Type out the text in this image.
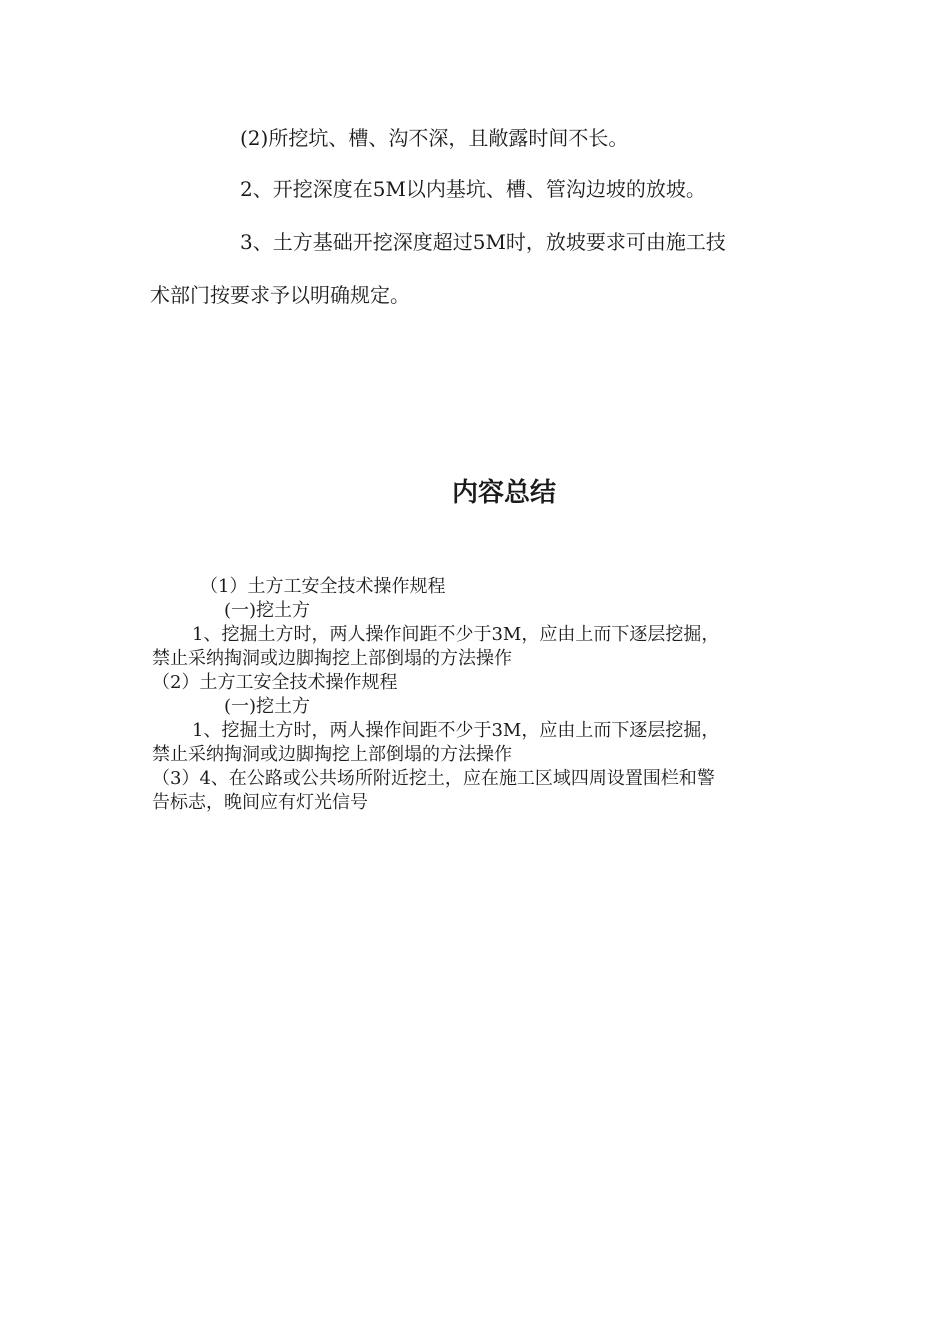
(2)所挖坑、槽、沟不深，且敞露时间不长。

2、开挖深度在5M以内基坑、槽、管沟边坡的放坡。

3、土方基础开挖深度超过5M时，放坡要求可由施工技

术部门按要求予以明确规定。

内容总结
（1）土方工安全技术操作规程
(一)挖土方
1、挖掘土方时，两人操作间距不少于3M，应由上而下逐层挖掘，
禁止采纳掏洞或边脚掏挖上部倒塌的方法操作
（2）土方工安全技术操作规程
(一)挖土方
1、挖掘土方时，两人操作间距不少于3M，应由上而下逐层挖掘，
禁止采纳掏洞或边脚掏挖上部倒塌的方法操作
（3）4、在公路或公共场所附近挖土，应在施工区域四周设置围栏和警
告标志，晚间应有灯光信号
